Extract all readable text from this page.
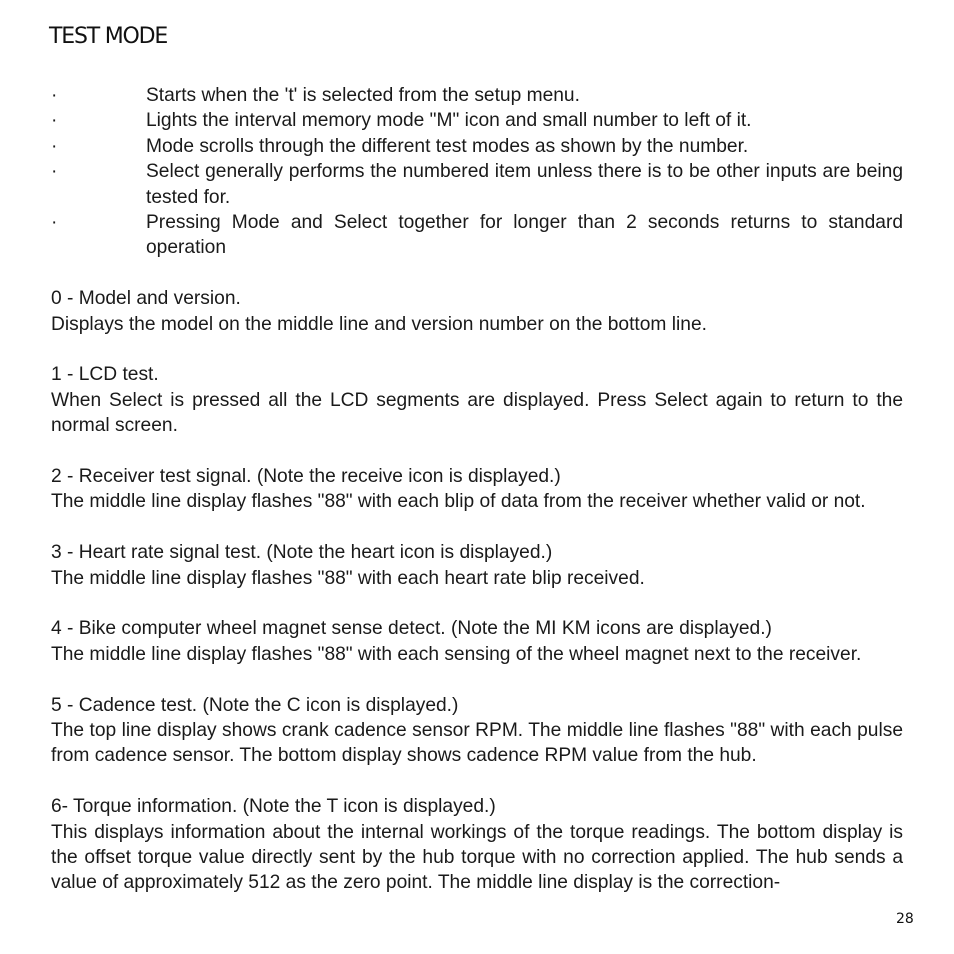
TEST MODE

·	Starts when the 't' is selected from the setup menu.

·	Lights the interval memory mode "M" icon and small number to left of it.

·	Mode scrolls through the different test modes as shown by the number.

·	Select generally performs the numbered item unless there is to be other inputs are being tested for.

·	Pressing Mode and Select together for longer than 2 seconds returns to standard operation

0 - Model and version.

Displays the model on the middle line and version number on the bottom line.

1 - LCD test.

When Select is pressed all the LCD segments are displayed. Press Select again to return to the normal screen.

2 - Receiver test signal. (Note the receive icon is displayed.)

The middle line display flashes "88" with each blip of data from the receiver whether valid or not.

3 - Heart rate signal test. (Note the heart icon is displayed.)

The middle line display flashes "88" with each heart rate blip received.

4 - Bike computer wheel magnet sense detect. (Note the MI KM icons are displayed.)

The middle line display flashes "88" with each sensing of the wheel magnet next to the receiver.

5 - Cadence test. (Note the C icon is displayed.)

The top line display shows crank cadence sensor RPM. The middle line flashes "88" with each pulse from cadence sensor. The bottom display shows cadence RPM value from the hub.

6- Torque information. (Note the T icon is displayed.)

This displays information about the internal workings of the torque readings. The bottom display is the offset torque value directly sent by the hub torque with no correction applied. The hub sends a value of approximately 512 as the zero point. The middle line display is the correction-

28
